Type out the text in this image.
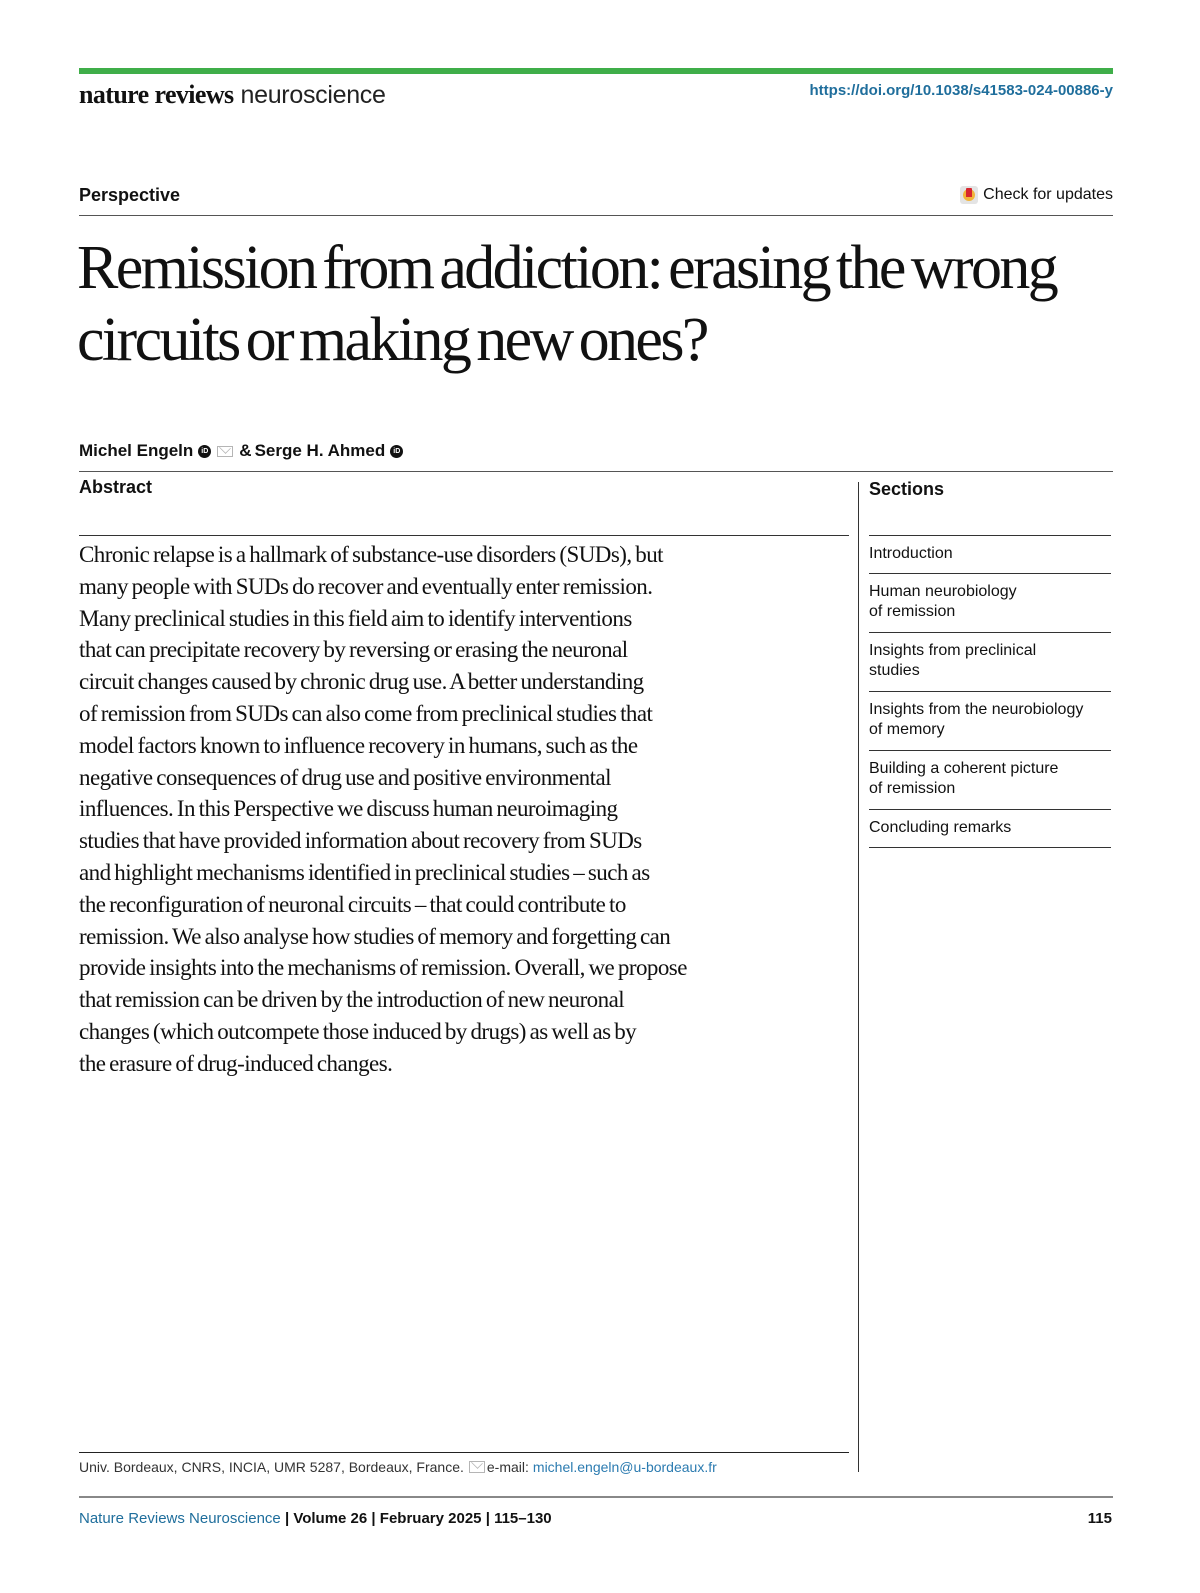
nature reviews neuroscience	https://doi.org/10.1038/s41583-024-00886-y
Perspective	Check for updates
Remission from addiction: erasing the wrong circuits or making new ones?
Michel Engeln	iD & Serge H. Ahmed	iD
Abstract

Chronic relapse is a hallmark of substance-use disorders (SUDs), but
many people with SUDs do recover and eventually enter remission.
Many preclinical studies in this field aim to identify interventions
that can precipitate recovery by reversing or erasing the neuronal
circuit changes caused by chronic drug use. A better understanding
of remission from SUDs can also come from preclinical studies that
model factors known to influence recovery in humans, such as the
negative consequences of drug use and positive environmental
influences. In this Perspective we discuss human neuroimaging
studies that have provided information about recovery from SUDs
and highlight mechanisms identified in preclinical studies – such as
the reconfiguration of neuronal circuits – that could contribute to
remission. We also analyse how studies of memory and forgetting can
provide insights into the mechanisms of remission. Overall, we propose
that remission can be driven by the introduction of new neuronal
changes (which outcompete those induced by drugs) as well as by
the erasure of drug-induced changes.

Sections
Introduction
Human neurobiology
of remission
Insights from preclinical
studies
Insights from the neurobiology
of memory
Building a coherent picture
of remission
Concluding remarks
Univ. Bordeaux, CNRS, INCIA, UMR 5287, Bordeaux, France. e-mail: michel.engeln@u-bordeaux.fr
Nature Reviews Neuroscience | Volume 26 | February 2025 | 115–130	115
